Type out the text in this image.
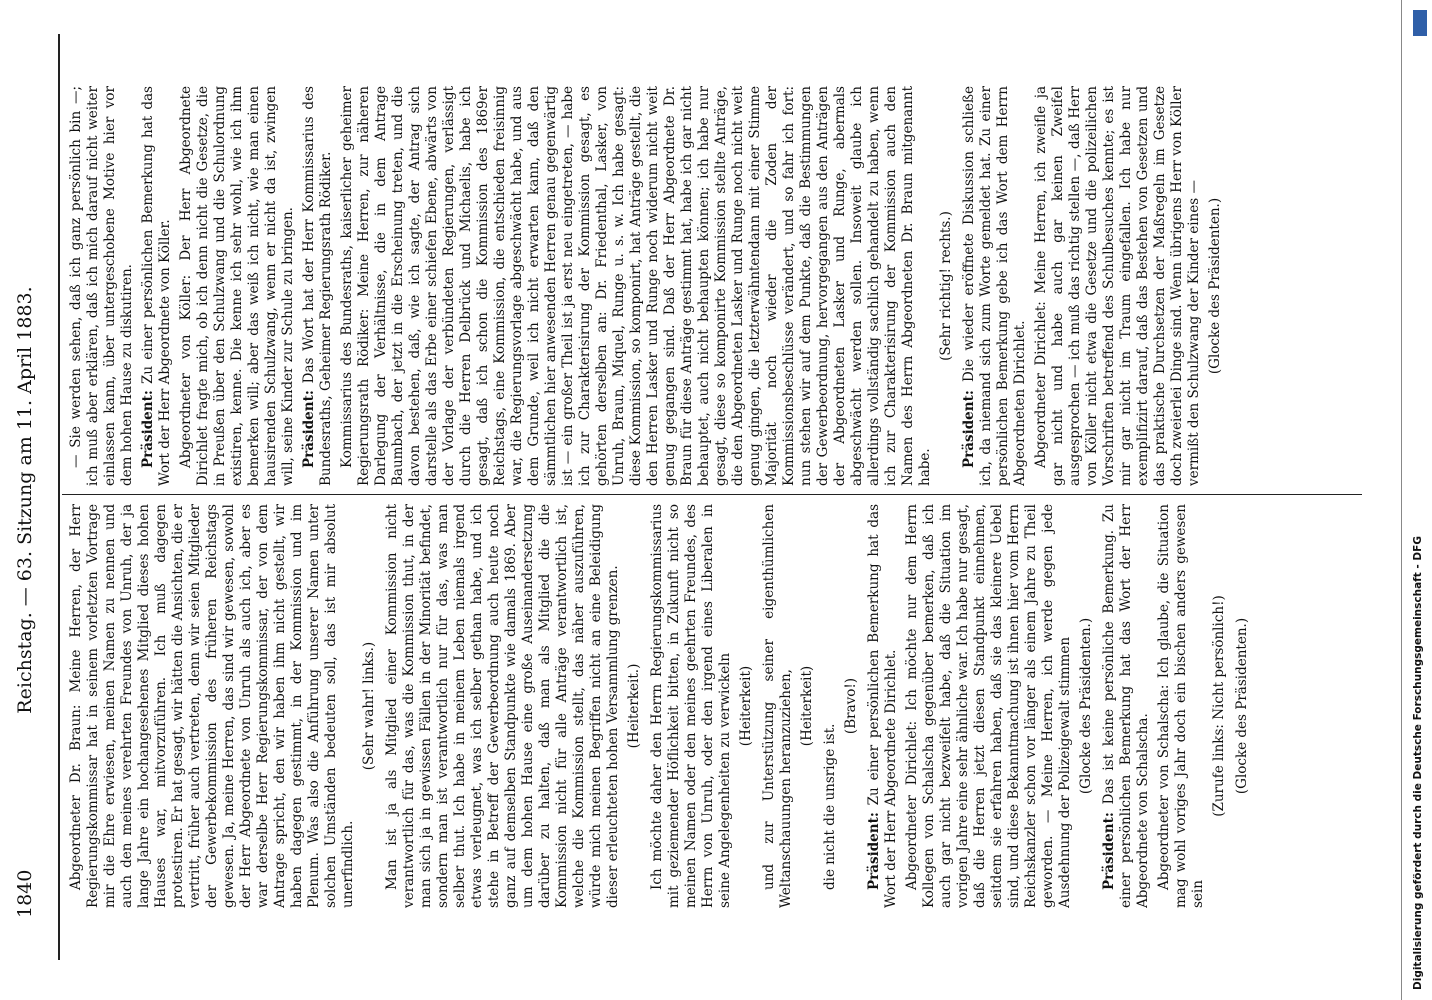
1840
Reichstag. — 63. Sitzung am 11. April 1883. Abgeordneter Dr. Braun: Meine Herren, der Herr Regierungskommissar hat in seinem vorletzten Vortrage mir die Ehre erwiesen, meinen Namen zu nennen und auch den meines verehrten Freundes von Unruh, der ja lange Jahre ein hochangesehenes Mitglied dieses hohen Hauses war, mitvorzuführen. Ich muß dagegen protestiren. Er hat gesagt, wir hätten die Ansichten, die er vertritt, früher auch vertreten, denn wir seien Mitglieder der Gewerbekommission des früheren Reichstags gewesen. Ja, meine Herren, das sind wir gewesen, sowohl der Herr Abgeordnete von Unruh als auch ich, aber es war derselbe Herr Regierungskommissar, der von dem Antrage spricht, den wir haben ihm nicht gestellt, wir haben dagegen gestimmt, in der Kommission und im Plenum. Was also die Anführung unserer Namen unter solchen Umständen bedeuten soll, das ist mir absolut unerfindlich.

(Sehr wahr! links.) Man ist ja als Mitglied einer Kommission nicht verantwortlich für das, was die Kommission thut, in der man sich ja in gewissen Fällen in der Minorität befindet, sondern man ist verantwortlich nur für das, was man selber thut. Ich habe in meinem Leben niemals irgend etwas verleugnet, was ich selber gethan habe, und ich stehe in Betreff der Gewerbeordnung auch heute noch ganz auf demselben Standpunkte wie damals 1869. Aber um dem hohen Hause eine große Auseinandersetzung darüber zu halten, daß man als Mitglied die die Kommission nicht für alle Anträge verantwortlich ist, welche die Kommission stellt, das näher auszuführen, würde mich meinen Begriffen nicht an eine Beleidigung dieser erleuchteten hohen Versammlung grenzen. (Heiterkeit.) Ich möchte daher den Herrn Regierungskommissarius mit geziemender Höflichkeit bitten, in Zukunft nicht so meinen Namen oder den meines geehrten Freundes, des Herrn von Unruh, oder den irgend eines Liberalen in seine Angelegenheiten zu verwickeln (Heiterkeit) und zur Unterstützung seiner eigenthümlichen Weltanschauungen heranzuziehen, (Heiterkeit)

die nicht die unsrige ist.

(Bravo!)

Präsident: Zu einer persönlichen Bemerkung hat das Wort der Herr Abgeordnete Dirichlet. Abgeordneter Dirichlet: Ich möchte nur dem Herrn Kollegen von Schalscha gegenüber bemerken, daß ich auch gar nicht bezweifelt habe, daß die Situation im vorigen Jahre eine sehr ähnliche war. Ich habe nur gesagt, daß die Herren jetzt diesen Standpunkt einnehmen, seitdem sie erfahren haben, daß sie das kleinere Uebel sind, und diese Bekanntmachung ist ihnen hier vom Herrn Reichskanzler schon vor länger als einem Jahre zu Theil geworden. — Meine Herren, ich werde gegen jede Ausdehnung der Polizeigewalt stimmen (Glocke des Präsidenten.)

Präsident: Das ist keine persönliche Bemerkung. Zu einer persönlichen Bemerkung hat das Wort der Herr Abgeordnete von Schalscha. Abgeordneter von Schalscha: Ich glaube, die Situation mag wohl voriges Jahr doch ein bischen anders gewesen sein

(Zurufe links: Nicht persönlich!) (Glocke des Präsidenten.)

— Sie werden sehen, daß ich ganz persönlich bin —; ich muß aber erklären, daß ich mich darauf nicht weiter einlassen kann, über untergeschobene Motive hier vor dem hohen Hause zu diskutiren. Präsident: Zu einer persönlichen Bemerkung hat das Wort der Herr Abgeordnete von Köller. Abgeordneter von Köller: Der Herr Abgeordnete Dirichlet fragte mich, ob ich denn nicht die Gesetze, die in Preußen über den Schulzwang und die Schulordnung existiren, kenne. Die kenne ich sehr wohl, wie ich ihm bemerken will; aber das weiß ich nicht, wie man einen hausirenden Schulzwang, wenn er nicht da ist, zwingen will, seine Kinder zur Schule zu bringen. Präsident: Das Wort hat der Herr Kommissarius des Bundesraths, Geheimer Regierungsrath Rödiker. Kommissarius des Bundesraths, kaiserlicher geheimer Regierungsrath Rödiker: Meine Herren, zur näheren Darlegung der Verhältnisse, die in dem Antrage Baumbach, der jetzt in die Erscheinung treten, und die davon bestehen, daß, wie ich sagte, der Antrag sich darstelle als das Erbe einer schiefen Ebene, abwärts von der Vorlage der verbündeten Regierungen, verlässigt durch die Herren Delbrück und Michaelis, habe ich gesagt, daß ich schon die Kommission des 1869er Reichstags, eine Kommission, die entschieden freisinnig war, die Regierungsvorlage abgeschwächt habe, und aus dem Grunde, weil ich nicht erwarten kann, daß den sämmtlichen hier anwesenden Herren genau gegenwärtig ist — ein großer Theil ist ja erst neu eingetreten, — habe ich zur Charakterisirung der Kommission gesagt, es gehörten derselben an: Dr. Friedenthal, Lasker, von Unruh, Braun, Miquel, Runge u. s. w. Ich habe gesagt: diese Kommission, so komponirt, hat Anträge gestellt, die den Herren Lasker und Runge noch widerum nicht weit genug gegangen sind. Daß der Herr Abgeordnete Dr. Braun für diese Anträge gestimmt hat, habe ich gar nicht behauptet, auch nicht behaupten können; ich habe nur gesagt, diese so komponirte Kommission stellte Anträge, die den Abgeordneten Lasker und Runge noch nicht weit genug gingen, die letzterwähntendann mit einer Stimme Majorität noch wieder die Zoden der Kommissionsbeschlüsse verändert, und so fahr ich fort: nun stehen wir auf dem Punkte, daß die Bestimmungen der Gewerbeordnung, hervorgegangen aus den Anträgen der Abgeordneten Lasker und Runge, abermals abgeschwächt werden sollen. Insoweit glaube ich allerdings vollständig sachlich gehandelt zu haben, wenn ich zur Charakterisirung der Kommission auch den Namen des Herrn Abgeordneten Dr. Braun mitgenannt habe.

(Sehr richtig! rechts.)

Präsident: Die wieder eröffnete Diskussion schließe ich, da niemand sich zum Worte gemeldet hat. Zu einer persönlichen Bemerkung gebe ich das Wort dem Herrn Abgeordneten Dirichlet. Abgeordneter Dirichlet: Meine Herren, ich zweifle ja gar nicht und habe auch gar keinen Zweifel ausgesprochen — ich muß das richtig stellen —, daß Herr von Köller nicht etwa die Gesetze und die polizeilichen Vorschriften betreffend des Schulbesuches kennte; es ist mir gar nicht im Traum eingefallen. Ich habe nur exemplifizirt darauf, daß das Bestehen von Gesetzen und das praktische Durchsetzen der Maßregeln im Gesetze doch zweierlei Dinge sind. Wenn übrigens Herr von Köller vermißt den Schulzwang der Kinder eines — (Glocke des Präsidenten.)
Digitalisierung gefördert durch die Deutsche Forschungsgemeinschaft - DFG
